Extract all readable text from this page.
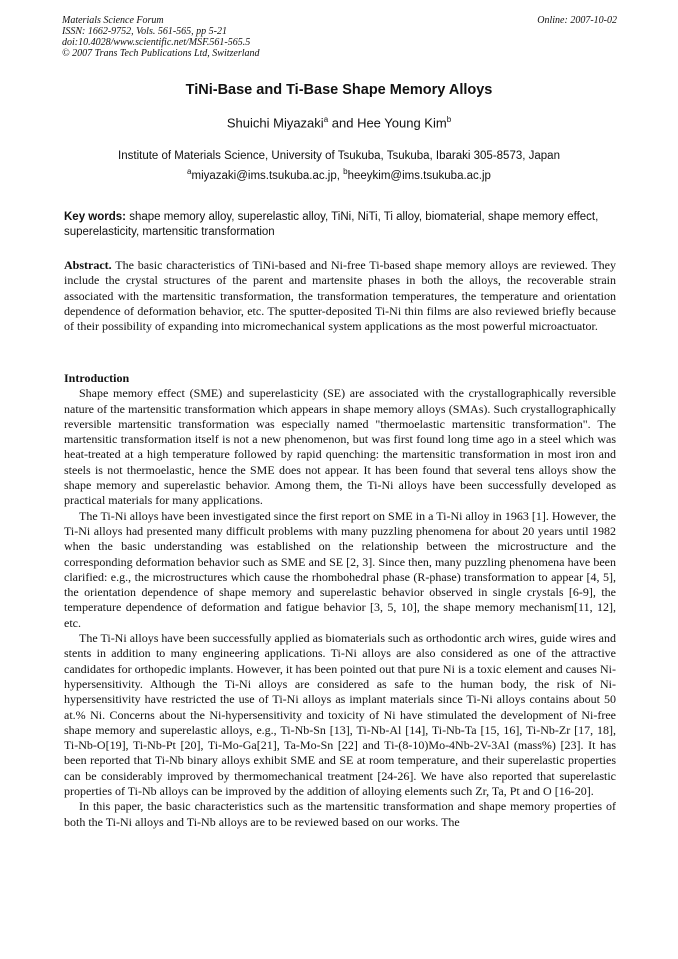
Materials Science Forum
ISSN: 1662-9752, Vols. 561-565, pp 5-21
doi:10.4028/www.scientific.net/MSF.561-565.5
© 2007 Trans Tech Publications Ltd, Switzerland
Online: 2007-10-02
TiNi-Base and Ti-Base Shape Memory Alloys
Shuichi Miyazaki$^a$ and Hee Young Kim$^b$
Institute of Materials Science, University of Tsukuba, Tsukuba, Ibaraki 305-8573, Japan
$^a$miyazaki@ims.tsukuba.ac.jp, $^b$heeykim@ims.tsukuba.ac.jp
Key words: shape memory alloy, superelastic alloy, TiNi, NiTi, Ti alloy, biomaterial, shape memory effect, superelasticity, martensitic transformation
Abstract. The basic characteristics of TiNi-based and Ni-free Ti-based shape memory alloys are reviewed. They include the crystal structures of the parent and martensite phases in both the alloys, the recoverable strain associated with the martensitic transformation, the transformation temperatures, the temperature and orientation dependence of deformation behavior, etc. The sputter-deposited Ti-Ni thin films are also reviewed briefly because of their possibility of expanding into micromechanical system applications as the most powerful microactuator.
Introduction

Shape memory effect (SME) and superelasticity (SE) are associated with the crystallographically reversible nature of the martensitic transformation which appears in shape memory alloys (SMAs). Such crystallographically reversible martensitic transformation was especially named "thermoelastic martensitic transformation". The martensitic transformation itself is not a new phenomenon, but was first found long time ago in a steel which was heat-treated at a high temperature followed by rapid quenching: the martensitic transformation in most iron and steels is not thermoelastic, hence the SME does not appear. It has been found that several tens alloys show the shape memory and superelastic behavior. Among them, the Ti-Ni alloys have been successfully developed as practical materials for many applications.

The Ti-Ni alloys have been investigated since the first report on SME in a Ti-Ni alloy in 1963 [1]. However, the Ti-Ni alloys had presented many difficult problems with many puzzling phenomena for about 20 years until 1982 when the basic understanding was established on the relationship between the microstructure and the corresponding deformation behavior such as SME and SE [2, 3]. Since then, many puzzling phenomena have been clarified: e.g., the microstructures which cause the rhombohedral phase (R-phase) transformation to appear [4, 5], the orientation dependence of shape memory and superelastic behavior observed in single crystals [6-9], the temperature dependence of deformation and fatigue behavior [3, 5, 10], the shape memory mechanism[11, 12], etc.

The Ti-Ni alloys have been successfully applied as biomaterials such as orthodontic arch wires, guide wires and stents in addition to many engineering applications. Ti-Ni alloys are also considered as one of the attractive candidates for orthopedic implants. However, it has been pointed out that pure Ni is a toxic element and causes Ni-hypersensitivity. Although the Ti-Ni alloys are considered as safe to the human body, the risk of Ni-hypersensitivity have restricted the use of Ti-Ni alloys as implant materials since Ti-Ni alloys contains about 50 at.% Ni. Concerns about the Ni-hypersensitivity and toxicity of Ni have stimulated the development of Ni-free shape memory and superelastic alloys, e.g., Ti-Nb-Sn [13], Ti-Nb-Al [14], Ti-Nb-Ta [15, 16], Ti-Nb-Zr [17, 18], Ti-Nb-O[19], Ti-Nb-Pt [20], Ti-Mo-Ga[21], Ta-Mo-Sn [22] and Ti-(8-10)Mo-4Nb-2V-3Al (mass%) [23]. It has been reported that Ti-Nb binary alloys exhibit SME and SE at room temperature, and their superelastic properties can be considerably improved by thermomechanical treatment [24-26]. We have also reported that superelastic properties of Ti-Nb alloys can be improved by the addition of alloying elements such Zr, Ta, Pt and O [16-20].

In this paper, the basic characteristics such as the martensitic transformation and shape memory properties of both the Ti-Ni alloys and Ti-Nb alloys are to be reviewed based on our works. The
